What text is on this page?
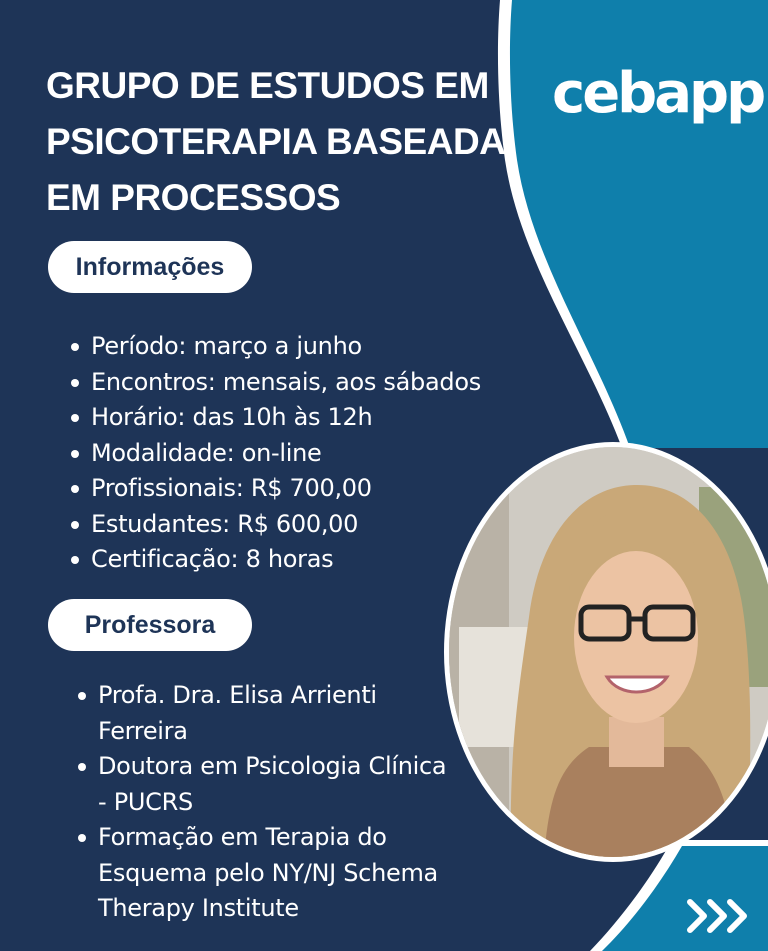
GRUPO DE ESTUDOS EM
PSICOTERAPIA BASEADA
EM PROCESSOS
cebapp
Informações
Período: março a junho
Encontros: mensais, aos sábados
Horário: das 10h às 12h
Modalidade: on-line
Profissionais: R$ 700,00
Estudantes: R$ 600,00
Certificação: 8 horas
Professora
Profa. Dra. Elisa Arrienti Ferreira
Doutora em Psicologia Clínica - PUCRS
Formação em Terapia do Esquema pelo NY/NJ Schema Therapy Institute
